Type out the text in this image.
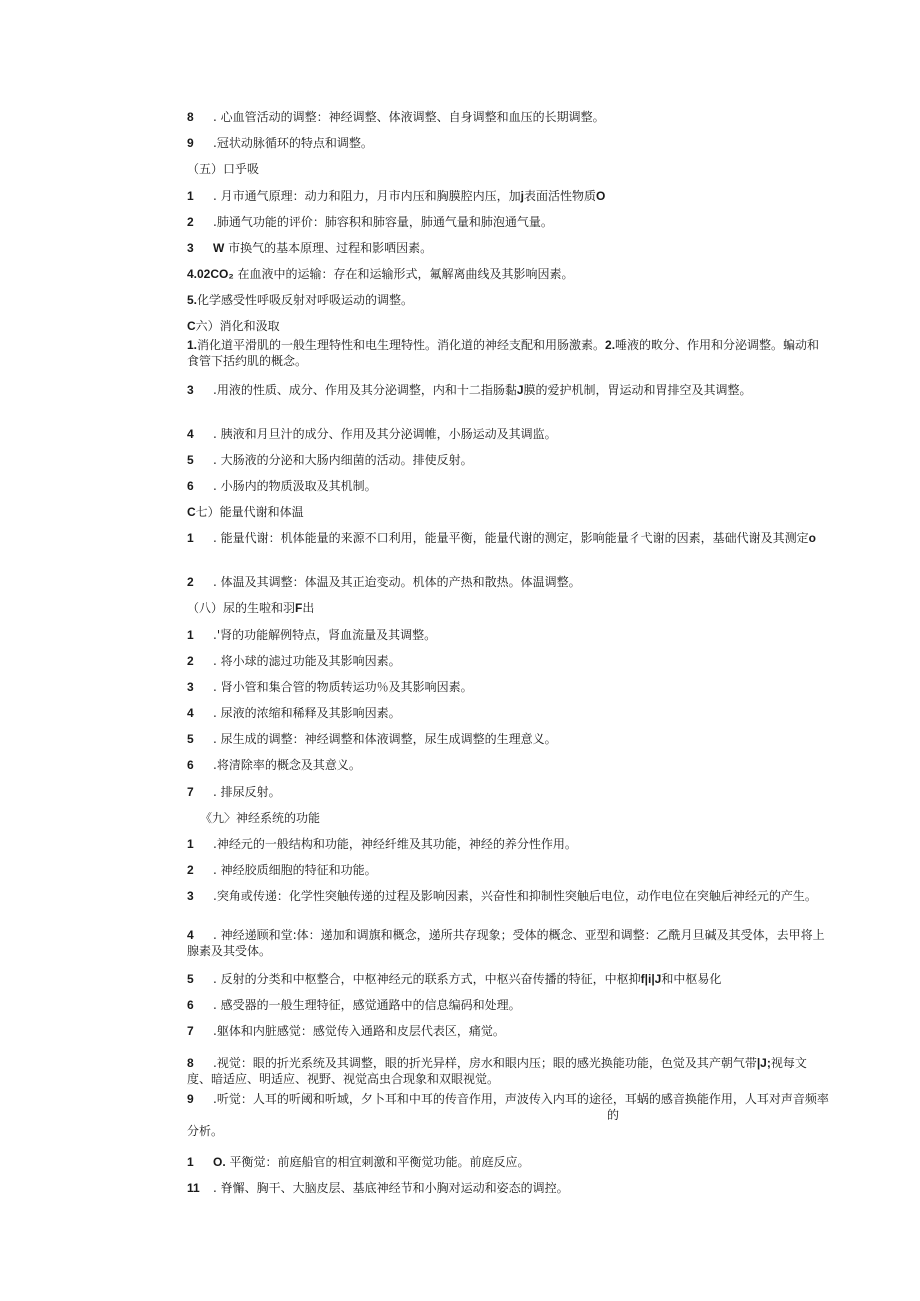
8 . 心血管活动的调整：神经调整、体液调整、自身调整和血压的长期调整。
9 .冠状动脉循环的特点和调整。
（五）口乎吸
1 . 月市通气原理：动力和阻力，月市内压和胸膜腔内压，加j表面活性物质O
2 .肺通气功能的评价：肺容积和肺容量，肺通气量和肺泡通气量。
3 W 市换气的基本原理、过程和影哂因素。
4.02CO₂ 在血液中的运输：存在和运输形式，氟解离曲线及其影响因素。
5.化学感受性呼吸反射对呼吸运动的调整。
C六）消化和汲取
1.消化道平滑肌的一般生理特性和电生理特性。消化道的神经支配和用肠激素。2.唾液的畋分、作用和分泌调整。蝙动和食管下括约肌的概念。
3 .用液的性质、成分、作用及其分泌调整，内和十二指肠黏J膜的爱护机制，胃运动和胃排空及其调整。
4 . 胰液和月旦汁的成分、作用及其分泌调帷，小肠运动及其调监。
5 . 大肠液的分泌和大肠内细菌的活动。排使反射。
6 . 小肠内的物质汲取及其机制。
C七）能量代谢和体温
1 . 能量代谢：机体能量的来源不口利用，能量平衡，能量代谢的测定，影响能量彳弋谢的因素，基础代谢及其测定o
2 . 体温及其调整：体温及其正迨变动。机体的产热和散热。体温调整。
（八）尿的生啦和羽F出
1 .'肾的功能解例特点，肾血流量及其调整。
2 . 将小球的滤过功能及其影响因素。
3 . 肾小管和集合管的物质转运功％及其影响因素。
4 . 尿液的浓缩和稀释及其影响因素。
5 . 尿生成的调整：神经调整和体液调整，尿生成调整的生理意义。
6 .将清除率的概念及其意义。
7 . 排尿反射。
《九〉神经系统的功能
1 .神经元的一般结构和功能，神经纤维及其功能，神经的养分性作用。
2 . 神经胶质细胞的特征和功能。
3 .突角或传递：化学性突触传递的过程及影响因素，兴奋性和抑制性突触后电位，动作电位在突触后神经元的产生。
4 . 神经递顾和堂:体：递加和调旗和概念，递所共存现象；受体的概念、亚型和调整：乙酰月旦碱及其受体，去甲将上腺素及其受体。
5 . 反射的分类和中枢整合，中枢神经元的联系方式，中枢兴奋传播的特征，中枢抑f|i|J和中枢易化
6 . 感受器的一般生理特征，感觉通路中的信息编码和处理。
7 .躯体和内脏感觉：感觉传入通路和皮层代表区，痛觉。
8 .视觉：眼的折光系统及其调整，眼的折光异样，房水和眼内压；眼的感光换能功能，色觉及其产朝气带|J;视每文度、暗适应、明适应、视野、视觉高虫合现象和双眼视觉。
9 .听觉：人耳的听阈和听域，夕卜耳和中耳的传音作用，声波传入内耳的途径，耳蜗的感音换能作用，人耳对声音频率的
分析。
1 O. 平衡觉：前庭船官的相宜刺激和平衡觉功能。前庭反应。
11 . 脊懈、胸干、大脑皮层、基底神经节和小胸对运动和姿态的调控。
